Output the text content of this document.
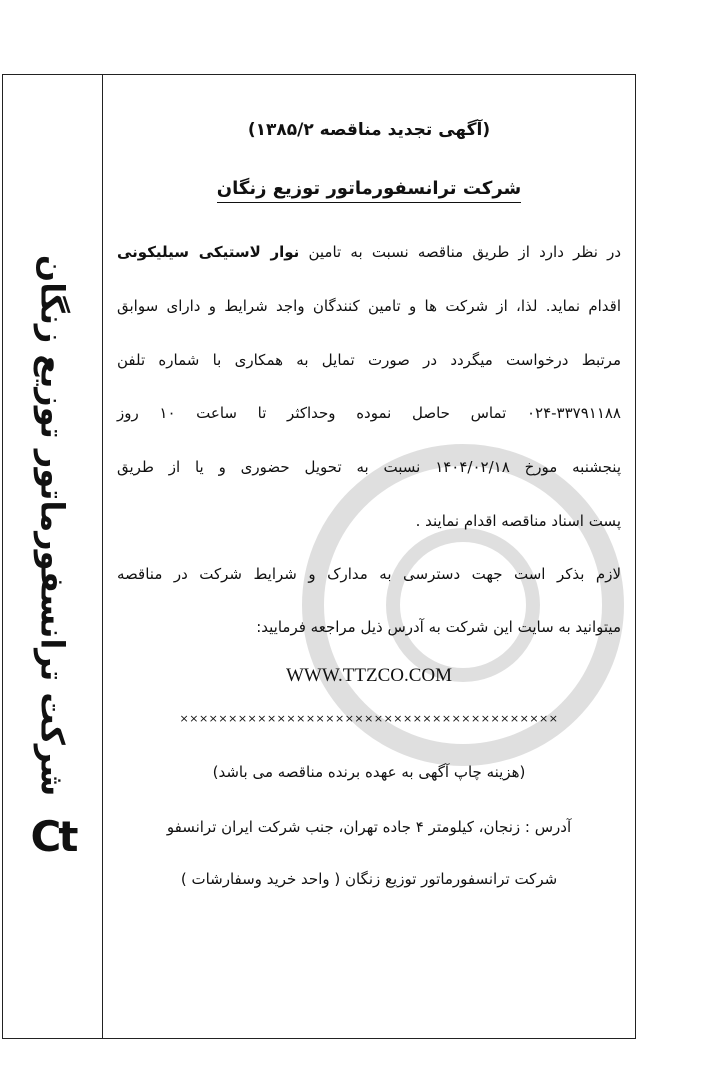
Ct
شرکت ترانسفورماتور توزیع زنگان
(آگهی تجدید مناقصه ۱۳۸۵/۲)
شرکت ترانسفورماتور توزیع زنگان
در نظر دارد از طریق مناقصه نسبت به تامین نوار لاستیکی سیلیکونی
اقدام نماید. لذا، از شرکت ها و تامین کنندگان واجد شرایط و دارای سوابق
مرتبط درخواست میگردد در صورت تمایل به همکاری با شماره تلفن
۰۲۴-۳۳۷۹۱۱۸۸ تماس حاصل نموده وحداکثر تا ساعت ۱۰ روز
پنجشنبه مورخ ۱۴۰۴/۰۲/۱۸ نسبت به تحویل حضوری و یا از طریق
پست اسناد مناقصه اقدام نمایند .
لازم بذکر است جهت دسترسی به مدارک و شرایط شرکت در مناقصه
میتوانید به سایت این شرکت به آدرس ذیل مراجعه فرمایید:
WWW.TTZCO.COM
×××××××××××××××××××××××××××××××××××××××
(هزینه چاپ آگهی به عهده برنده مناقصه می باشد)
آدرس : زنجان، کیلومتر ۴ جاده تهران، جنب شرکت ایران ترانسفو
شرکت ترانسفورماتور توزیع زنگان ( واحد خرید وسفارشات )
